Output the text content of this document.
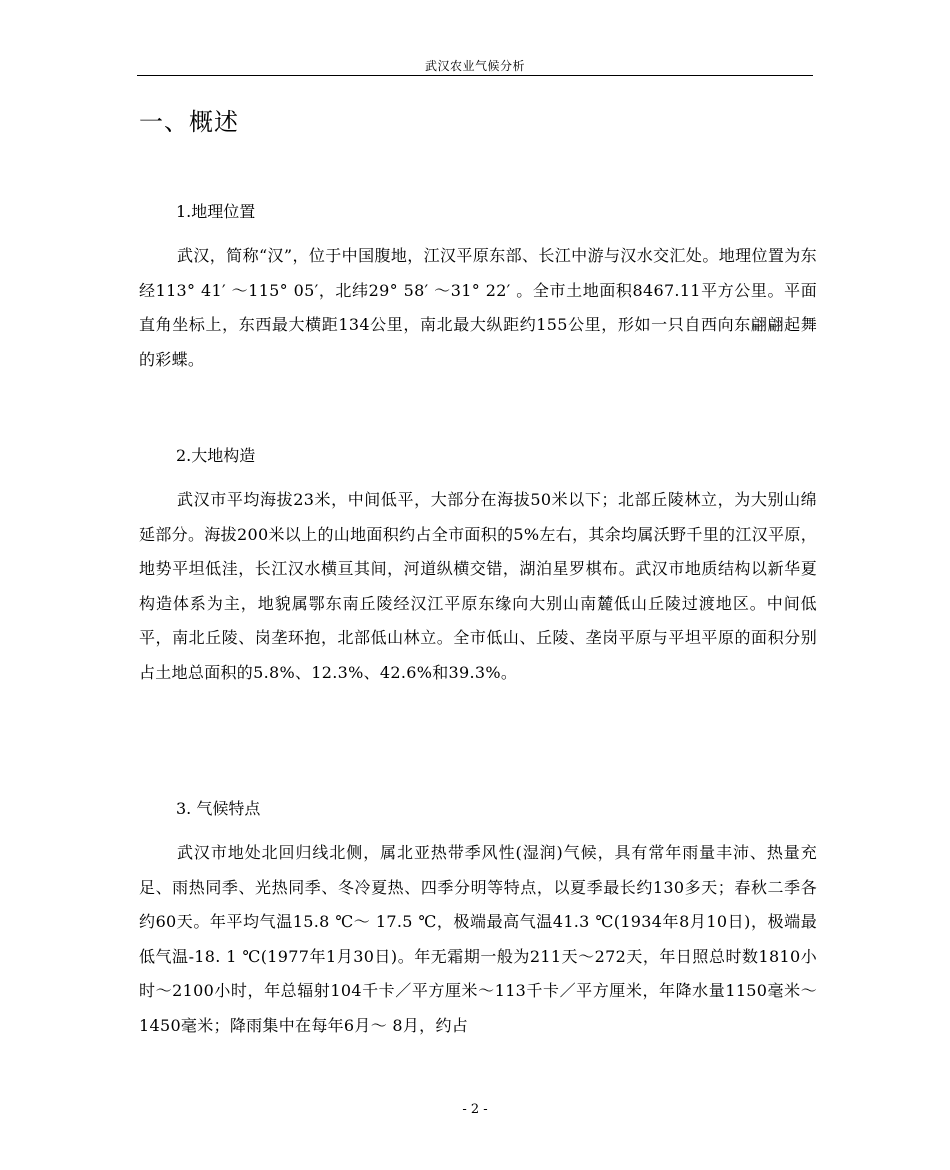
武汉农业气候分析
一、概述
1.地理位置
武汉，简称“汉”，位于中国腹地，江汉平原东部、长江中游与汉水交汇处。地理位置为东经113° 41′ ～115° 05′，北纬29° 58′ ～31° 22′ 。全市土地面积8467.11平方公里。平面直角坐标上，东西最大横距134公里，南北最大纵距约155公里，形如一只自西向东翩翩起舞的彩蝶。
2.大地构造
武汉市平均海拔23米，中间低平，大部分在海拔50米以下；北部丘陵林立，为大别山绵延部分。海拔200米以上的山地面积约占全市面积的5%左右，其余均属沃野千里的江汉平原，地势平坦低洼，长江汉水横亘其间，河道纵横交错，湖泊星罗棋布。武汉市地质结构以新华夏构造体系为主，地貌属鄂东南丘陵经汉江平原东缘向大别山南麓低山丘陵过渡地区。中间低平，南北丘陵、岗垄环抱，北部低山林立。全市低山、丘陵、垄岗平原与平坦平原的面积分别占土地总面积的5.8%、12.3%、42.6%和39.3%。
3. 气候特点
武汉市地处北回归线北侧，属北亚热带季风性(湿润)气候，具有常年雨量丰沛、热量充足、雨热同季、光热同季、冬冷夏热、四季分明等特点，以夏季最长约130多天；春秋二季各约60天。年平均气温15.8 ℃～ 17.5 ℃，极端最高气温41.3 ℃(1934年8月10日)，极端最低气温-18. 1 ℃(1977年1月30日)。年无霜期一般为211天～272天，年日照总时数1810小时～2100小时，年总辐射104千卡／平方厘米～113千卡／平方厘米，年降水量1150毫米～1450毫米；降雨集中在每年6月～ 8月，约占
- 2 -
